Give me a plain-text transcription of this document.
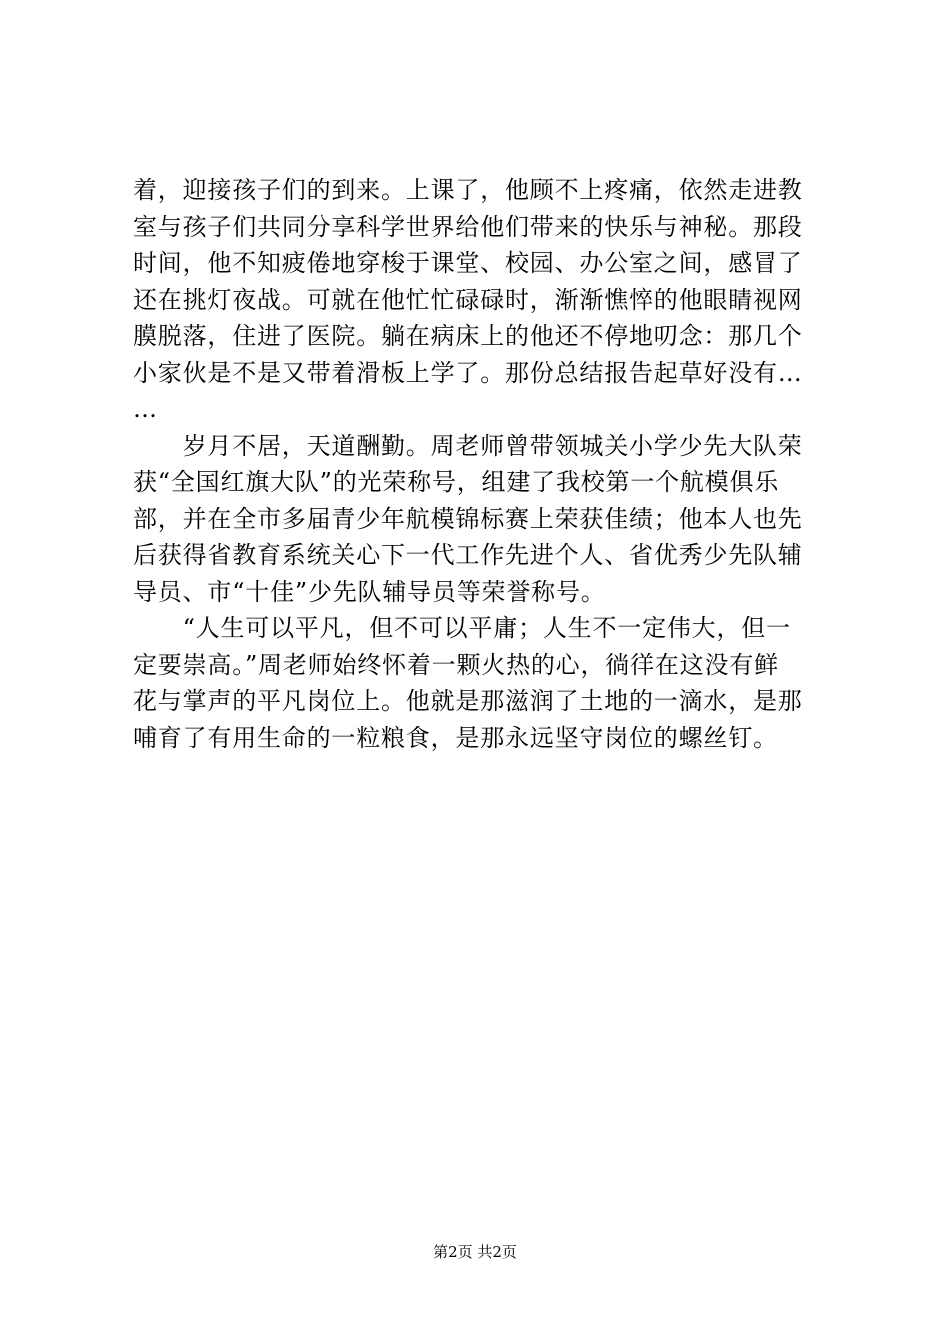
着，迎接孩子们的到来。上课了，他顾不上疼痛，依然走进教
室与孩子们共同分享科学世界给他们带来的快乐与神秘。那段
时间，他不知疲倦地穿梭于课堂、校园、办公室之间，感冒了
还在挑灯夜战。可就在他忙忙碌碌时，渐渐憔悴的他眼睛视网
膜脱落，住进了医院。躺在病床上的他还不停地叨念：那几个
小家伙是不是又带着滑板上学了。那份总结报告起草好没有…
…
　　岁月不居，天道酬勤。周老师曾带领城关小学少先大队荣
获“全国红旗大队”的光荣称号，组建了我校第一个航模俱乐
部，并在全市多届青少年航模锦标赛上荣获佳绩；他本人也先
后获得省教育系统关心下一代工作先进个人、省优秀少先队辅
导员、市“十佳”少先队辅导员等荣誉称号。
　　“人生可以平凡，但不可以平庸；人生不一定伟大，但一
定要崇高。”周老师始终怀着一颗火热的心，徜徉在这没有鲜
花与掌声的平凡岗位上。他就是那滋润了土地的一滴水，是那
哺育了有用生命的一粒粮食，是那永远坚守岗位的螺丝钉。
第2页 共2页
